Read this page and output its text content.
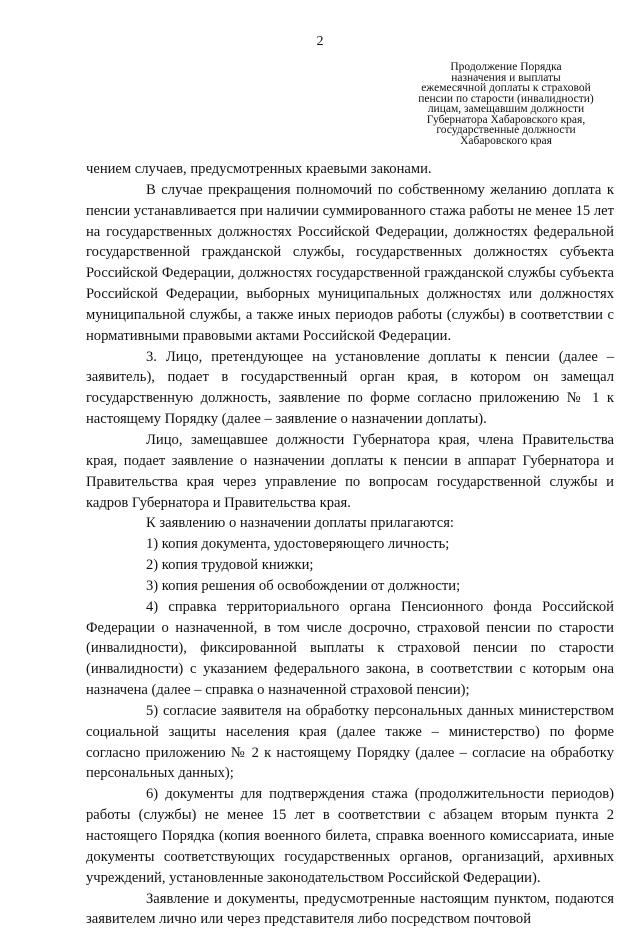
2
Продолжение Порядка
назначения и выплаты
ежемесячной доплаты к страховой
пенсии по старости (инвалидности)
лицам, замещавшим должности
Губернатора Хабаровского края,
государственные должности
Хабаровского края

чением случаев, предусмотренных краевыми законами.

В случае прекращения полномочий по собственному желанию доплата к пенсии устанавливается при наличии суммированного стажа работы не менее 15 лет на государственных должностях Российской Федерации, должностях федеральной государственной гражданской службы, государственных должностях субъекта Российской Федерации, должностях государственной гражданской службы субъекта Российской Федерации, выборных муниципальных должностях или должностях муниципальной службы, а также иных периодов работы (службы) в соответствии с нормативными правовыми актами Российской Федерации.

3. Лицо, претендующее на установление доплаты к пенсии (далее – заявитель), подает в государственный орган края, в котором он замещал государственную должность, заявление по форме согласно приложению № 1 к настоящему Порядку (далее – заявление о назначении доплаты).

Лицо, замещавшее должности Губернатора края, члена Правительства края, подает заявление о назначении доплаты к пенсии в аппарат Губернатора и Правительства края через управление по вопросам государственной службы и кадров Губернатора и Правительства края.

К заявлению о назначении доплаты прилагаются:

1) копия документа, удостоверяющего личность;

2) копия трудовой книжки;

3) копия решения об освобождении от должности;

4) справка территориального органа Пенсионного фонда Российской Федерации о назначенной, в том числе досрочно, страховой пенсии по старости (инвалидности), фиксированной выплаты к страховой пенсии по старости (инвалидности) с указанием федерального закона, в соответствии с которым она назначена (далее – справка о назначенной страховой пенсии);

5) согласие заявителя на обработку персональных данных министерством социальной защиты населения края (далее также – министерство) по форме согласно приложению № 2 к настоящему Порядку (далее – согласие на обработку персональных данных);

6) документы для подтверждения стажа (продолжительности периодов) работы (службы) не менее 15 лет в соответствии с абзацем вторым пункта 2 настоящего Порядка (копия военного билета, справка военного комиссариата, иные документы соответствующих государственных органов, организаций, архивных учреждений, установленные законодательством Российской Федерации).

Заявление и документы, предусмотренные настоящим пунктом, подаются заявителем лично или через представителя либо посредством почтовой
